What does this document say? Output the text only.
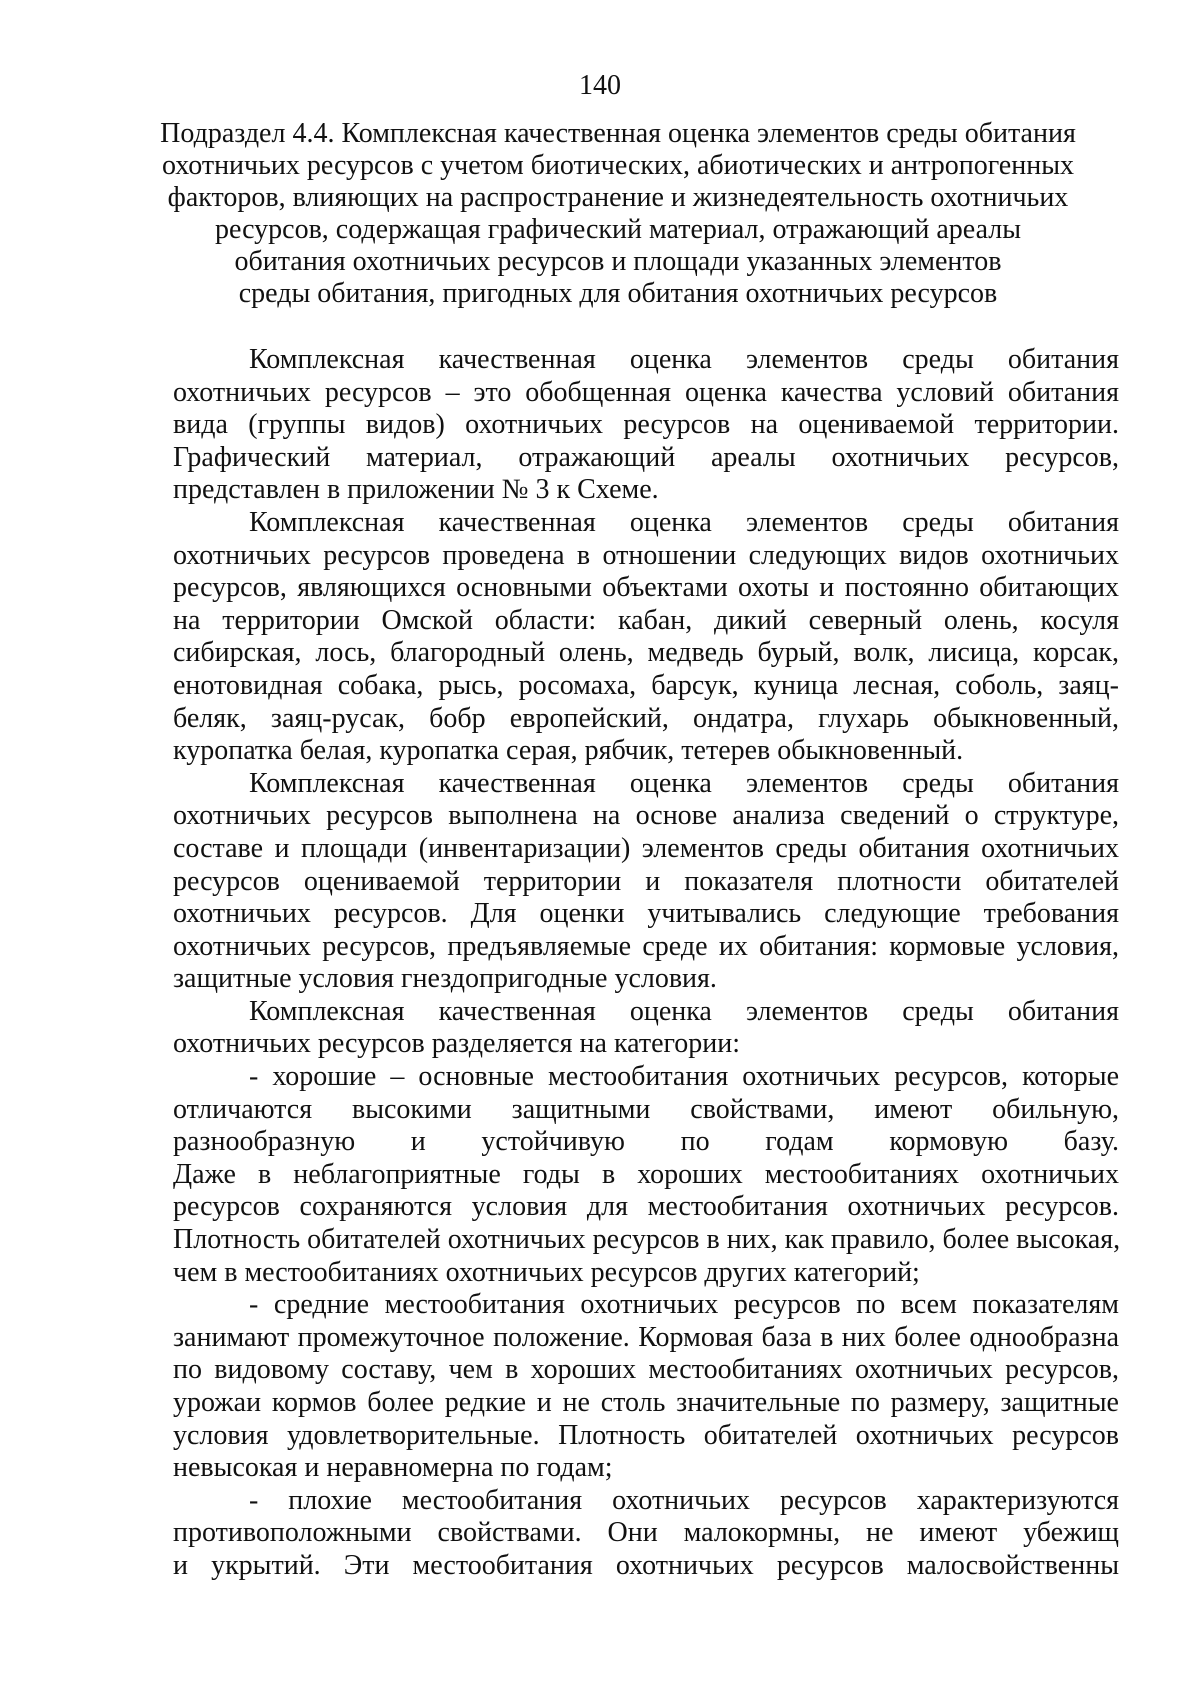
140
Подраздел 4.4. Комплексная качественная оценка элементов среды обитания
охотничьих ресурсов с учетом биотических, абиотических и антропогенных
факторов, влияющих на распространение и жизнедеятельность охотничьих
ресурсов, содержащая графический материал, отражающий ареалы
обитания охотничьих ресурсов и площади указанных элементов
среды обитания, пригодных для обитания охотничьих ресурсов

Комплексная качественная оценка элементов среды обитания
охотничьих ресурсов – это обобщенная оценка качества условий обитания
вида (группы видов) охотничьих ресурсов на оцениваемой территории.
Графический материал, отражающий ареалы охотничьих ресурсов,
представлен в приложении № 3 к Схеме.

Комплексная качественная оценка элементов среды обитания
охотничьих ресурсов проведена в отношении следующих видов охотничьих
ресурсов, являющихся основными объектами охоты и постоянно обитающих
на территории Омской области: кабан, дикий северный олень, косуля
сибирская, лось, благородный олень, медведь бурый, волк, лисица, корсак,
енотовидная собака, рысь, росомаха, барсук, куница лесная, соболь, заяц-
беляк, заяц-русак, бобр европейский, ондатра, глухарь обыкновенный,
куропатка белая, куропатка серая, рябчик, тетерев обыкновенный.

Комплексная качественная оценка элементов среды обитания
охотничьих ресурсов выполнена на основе анализа сведений о структуре,
составе и площади (инвентаризации) элементов среды обитания охотничьих
ресурсов оцениваемой территории и показателя плотности обитателей
охотничьих ресурсов. Для оценки учитывались следующие требования
охотничьих ресурсов, предъявляемые среде их обитания: кормовые условия,
защитные условия гнездопригодные условия.

Комплексная качественная оценка элементов среды обитания
охотничьих ресурсов разделяется на категории:

- хорошие – основные местообитания охотничьих ресурсов, которые
отличаются высокими защитными свойствами, имеют обильную,
разнообразную и устойчивую по годам кормовую базу.
Даже в неблагоприятные годы в хороших местообитаниях охотничьих
ресурсов сохраняются условия для местообитания охотничьих ресурсов.
Плотность обитателей охотничьих ресурсов в них, как правило, более высокая,
чем в местообитаниях охотничьих ресурсов других категорий;

- средние местообитания охотничьих ресурсов по всем показателям
занимают промежуточное положение. Кормовая база в них более однообразна
по видовому составу, чем в хороших местообитаниях охотничьих ресурсов,
урожаи кормов более редкие и не столь значительные по размеру, защитные
условия удовлетворительные. Плотность обитателей охотничьих ресурсов
невысокая и неравномерна по годам;

- плохие местообитания охотничьих ресурсов характеризуются
противоположными свойствами. Они малокормны, не имеют убежищ
и укрытий. Эти местообитания охотничьих ресурсов малосвойственны
